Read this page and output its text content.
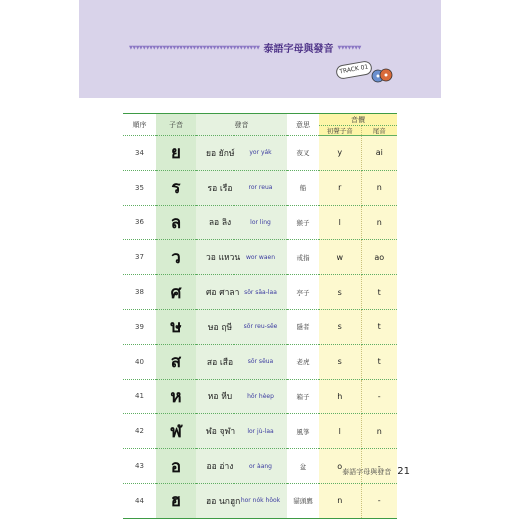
▼▼▼▼▼▼▼▼▼▼▼▼▼▼▼▼▼▼▼▼▼▼▼▼▼▼▼▼▼▼▼▼▼▼▼▼▼▼▼ 泰語字母與發音 ▼▼▼▼▼▼▼
TRACK 01
順序	子音	發音		意思	音價	
					初聲子音	尾音
34	ย	ยอ ยักษ์	yor yák	夜叉	y	ai
35	ร	รอ เรือ	ror reua	船	r	n
36	ล	ลอ ลิง	lor ling	猴子	l	n
37	ว	วอ แหวน	wor waen	戒指	w	ao
38	ศ	ศอ ศาลา	sŏr săa-laa	亭子	s	t
39	ษ	ษอ ฤษี	sŏr reu-sĕe	隱者	s	t
40	ส	สอ เสือ	sŏr sĕua	老虎	s	t
41	ห	หอ หีบ	hŏr hèep	箱子	h	-
42	ฬ	ฬอ จุฬา	lor jù-laa	風箏	l	n
43	อ	ออ อ่าง	or àang	盆	o	-
44	ฮ	ฮอ นกฮูก	hor nók hôok	貓頭鷹	n	-
泰語字母與發音 21
